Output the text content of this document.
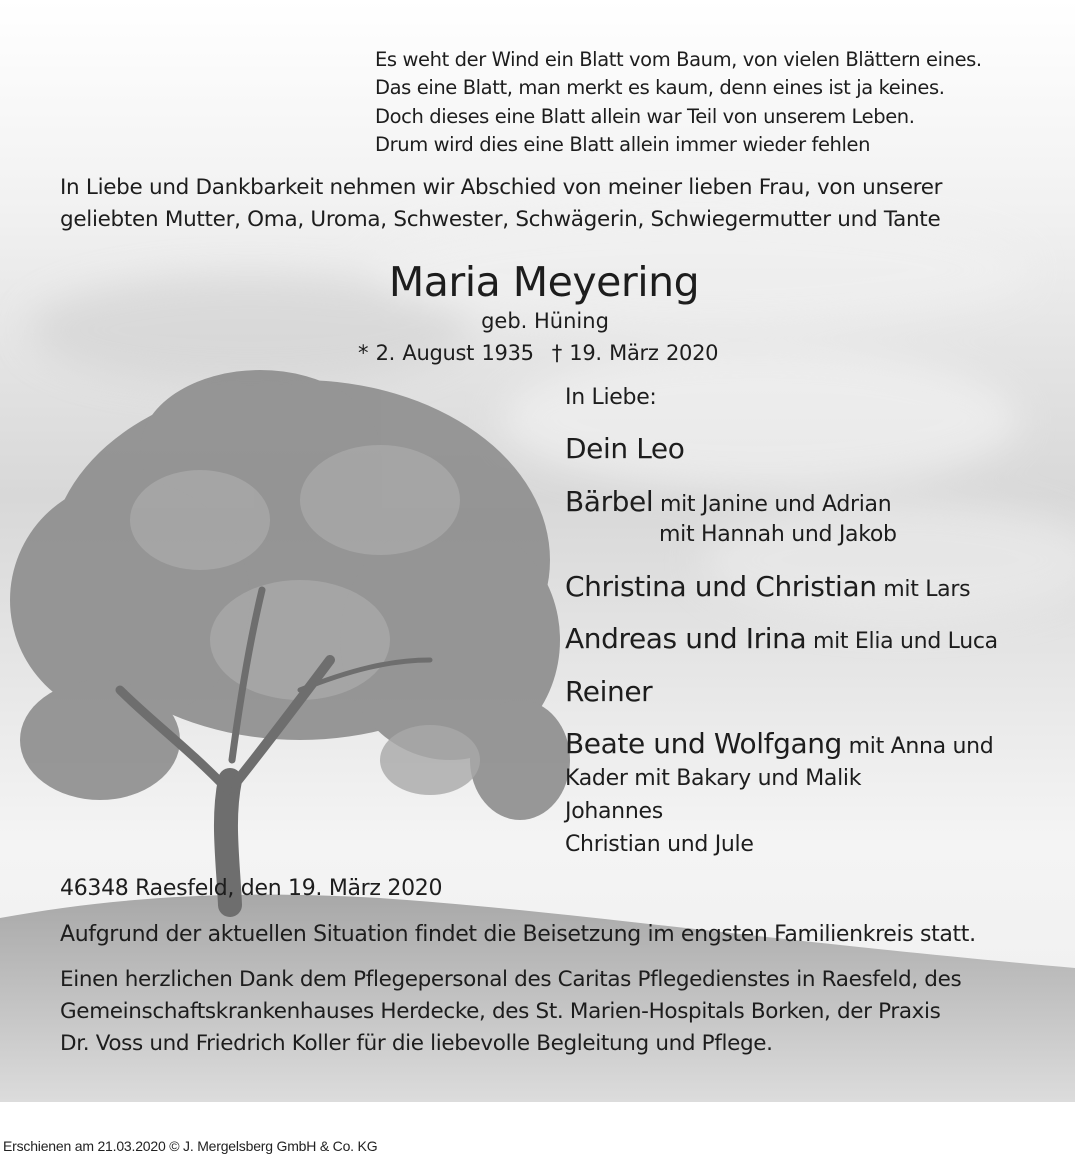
Es weht der Wind ein Blatt vom Baum, von vielen Blättern eines.
Das eine Blatt, man merkt es kaum, denn eines ist ja keines.
Doch dieses eine Blatt allein war Teil von unserem Leben.
Drum wird dies eine Blatt allein immer wieder fehlen
In Liebe und Dankbarkeit nehmen wir Abschied von meiner lieben Frau, von unserer
geliebten Mutter, Oma, Uroma, Schwester, Schwägerin, Schwiegermutter und Tante
Maria Meyering
geb. Hüning
* 2. August 1935 † 19. März 2020
In Liebe:
Dein Leo
Bärbel mit Janine und Adrian
mit Hannah und Jakob
Christina und Christian mit Lars
Andreas und Irina mit Elia und Luca
Reiner
Beate und Wolfgang mit Anna und
Kader mit Bakary und Malik
Johannes
Christian und Jule
46348 Raesfeld, den 19. März 2020
Aufgrund der aktuellen Situation findet die Beisetzung im engsten Familienkreis statt.
Einen herzlichen Dank dem Pflegepersonal des Caritas Pflegedienstes in Raesfeld, des
Gemeinschaftskrankenhauses Herdecke, des St. Marien-Hospitals Borken, der Praxis
Dr. Voss und Friedrich Koller für die liebevolle Begleitung und Pflege.
Erschienen am 21.03.2020 © J. Mergelsberg GmbH & Co. KG
